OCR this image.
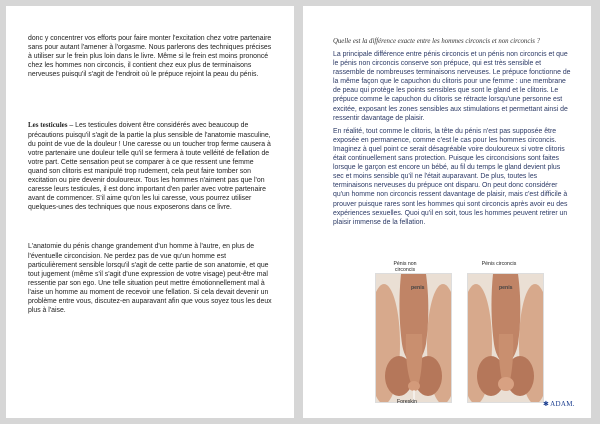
donc y concentrer vos efforts pour faire monter l'excitation chez votre partenaire sans pour autant l'amener à l'orgasme. Nous parlerons des techniques précises à utiliser sur le frein plus loin dans le livre. Même si le frein est moins prononcé chez les hommes non circoncis, il contient chez eux plus de terminaisons nerveuses puisqu'il s'agit de l'endroit où le prépuce rejoint la peau du pénis.

Les testicules – Les testicules doivent être considérés avec beaucoup de précautions puisqu'il s'agit de la partie la plus sensible de l'anatomie masculine, du point de vue de la douleur ! Une caresse ou un toucher trop ferme causera à votre partenaire une douleur telle qu'il se fermera à toute velléité de fellation de votre part. Cette sensation peut se comparer à ce que ressent une femme quand son clitoris est manipulé trop rudement, cela peut faire tomber son excitation ou pire devenir douloureux. Tous les hommes n'aiment pas que l'on caresse leurs testicules, il est donc important d'en parler avec votre partenaire avant de commencer. S'il aime qu'on les lui caresse, vous pourrez utiliser quelques-unes des techniques que nous exposerons dans ce livre.

L'anatomie du pénis change grandement d'un homme à l'autre, en plus de l'éventuelle circoncision. Ne perdez pas de vue qu'un homme est particulièrement sensible lorsqu'il s'agit de cette partie de son anatomie, et que tout jugement (même s'il s'agit d'une expression de votre visage) peut-être mal ressentie par son ego. Une telle situation peut mettre émotionnellement mal à l'aise un homme au moment de recevoir une fellation. Si cela devait devenir un problème entre vous, discutez-en auparavant afin que vous soyez tous les deux plus à l'aise.

Quelle est la différence exacte entre les hommes circoncis et non circoncis ?

La principale différence entre pénis circoncis et un pénis non circoncis et que le pénis non circoncis conserve son prépuce, qui est très sensible et rassemble de nombreuses terminaisons nerveuses. Le prépuce fonctionne de la même façon que le capuchon du clitoris pour une femme : une membrane de peau qui protège les points sensibles que sont le gland et le clitoris. Le prépuce comme le capuchon du clitoris se rétracte lorsqu'une personne est excitée, exposant les zones sensibles aux stimulations et permettant ainsi de ressentir davantage de plaisir.

En réalité, tout comme le clitoris, la tête du pénis n'est pas supposée être exposée en permanence, comme c'est le cas pour les hommes circoncis. Imaginez à quel point ce serait désagréable voire douloureux si votre clitoris était continuellement sans protection. Puisque les circoncisions sont faites lorsque le garçon est encore un bébé, au fil du temps le gland devient plus sec et moins sensible qu'il ne l'était auparavant. De plus, toutes les terminaisons nerveuses du prépuce ont disparu. On peut donc considérer qu'un homme non circoncis ressent davantage de plaisir, mais c'est difficile à prouver puisque rares sont les hommes qui sont circoncis après avoir eu des expériences sexuelles. Quoi qu'il en soit, tous les hommes peuvent retirer un plaisir immense de la fellation.

Pénis non circoncis
Pénis circoncis
penis	penis
Foreskin	✱ADAM.
